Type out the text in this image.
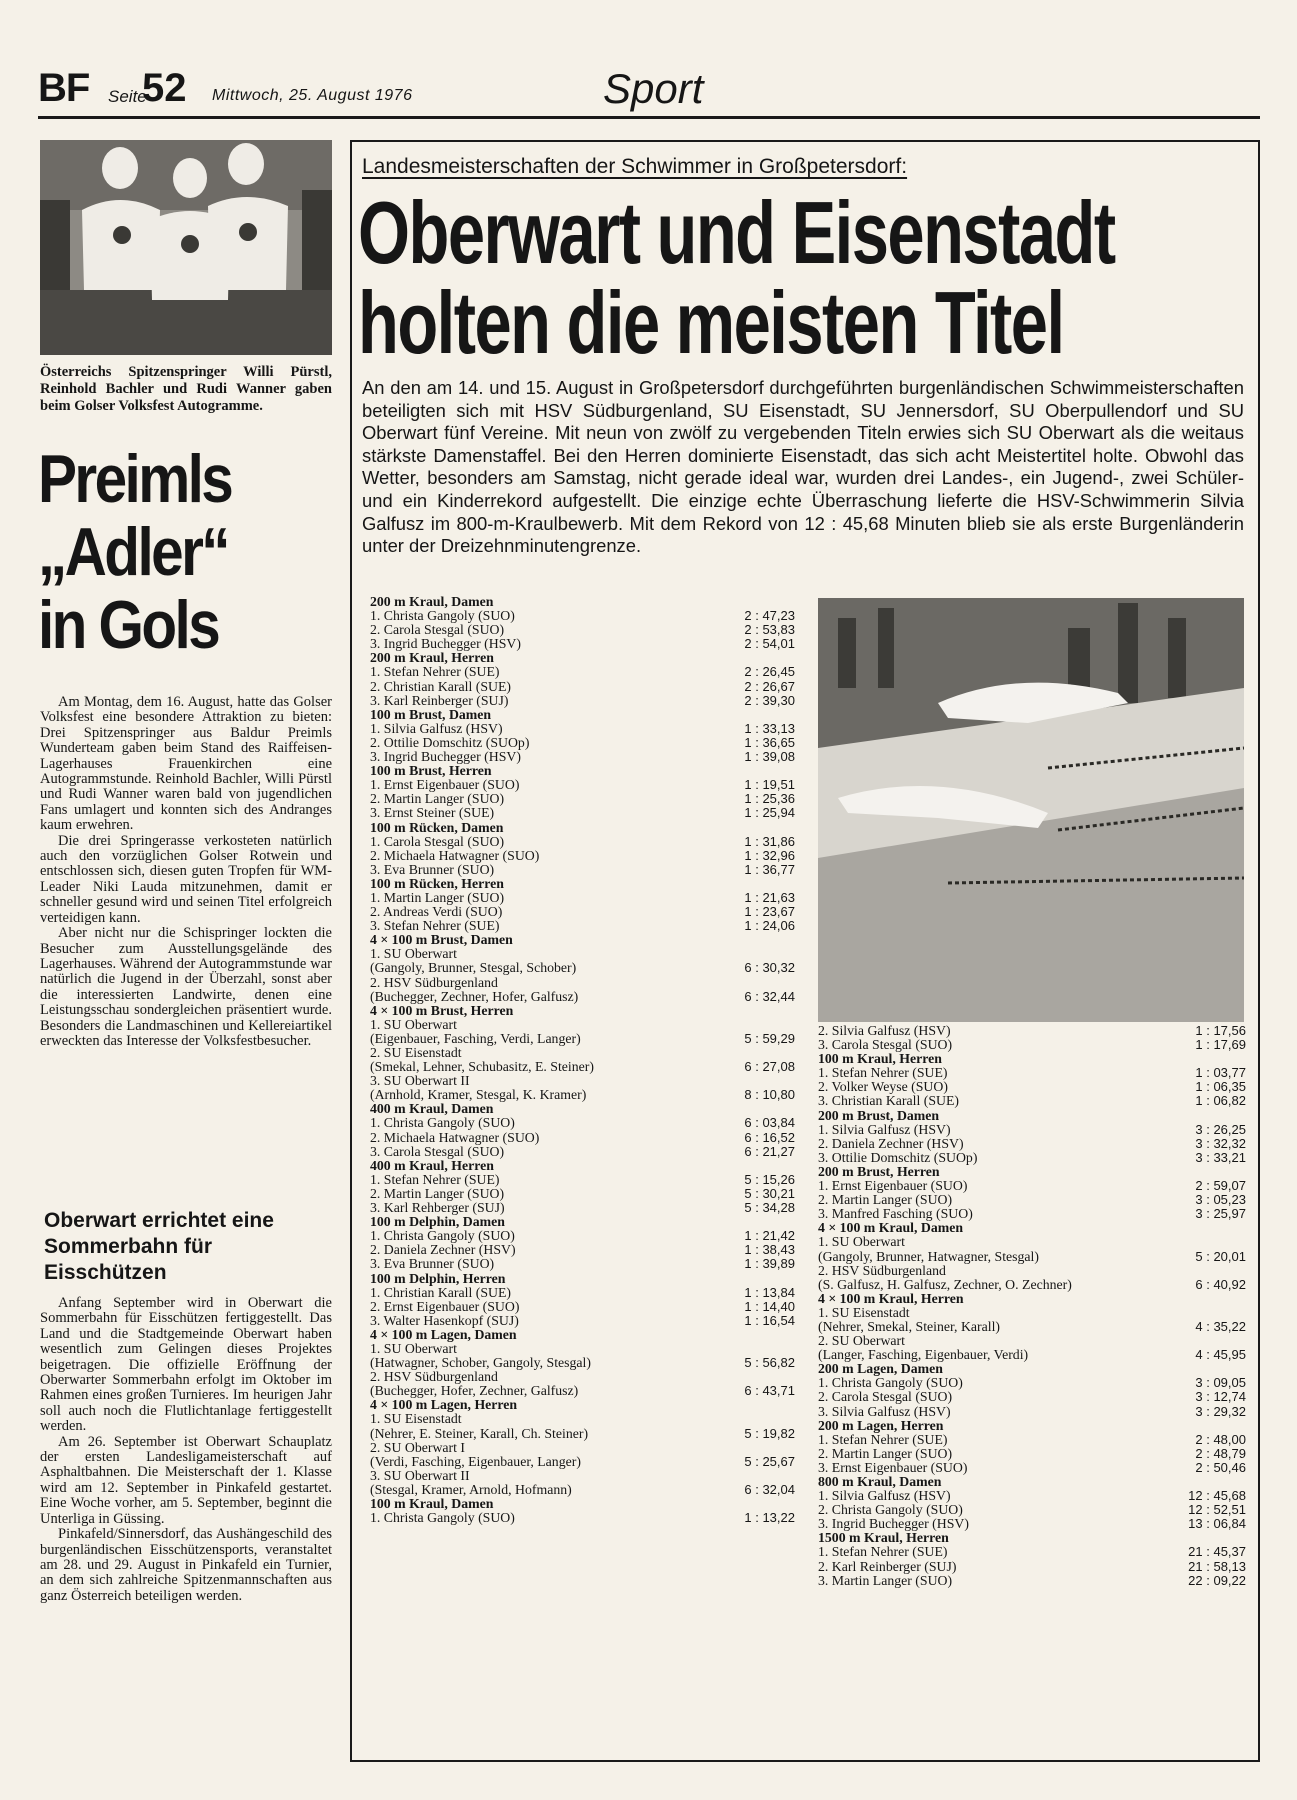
BF Seite
52 Mittwoch, 25. August 1976	Sport
Österreichs Spitzenspringer Willi Pürstl, Reinhold Bachler und Rudi Wanner gaben beim Golser Volksfest Autogramme.
Preimls
„Adler“
in Gols

Am Montag, dem 16. August, hatte das Golser Volksfest eine besondere Attraktion zu bieten: Drei Spitzenspringer aus Baldur Preimls Wunderteam gaben beim Stand des Raiffeisen-Lagerhauses Frauenkirchen eine Autogrammstunde. Reinhold Bachler, Willi Pürstl und Rudi Wanner waren bald von jugendlichen Fans umlagert und konnten sich des Andranges kaum erwehren.

Die drei Springerasse verkosteten natürlich auch den vorzüglichen Golser Rotwein und entschlossen sich, diesen guten Tropfen für WM-Leader Niki Lauda mitzunehmen, damit er schneller gesund wird und seinen Titel erfolgreich verteidigen kann.

Aber nicht nur die Schispringer lockten die Besucher zum Ausstellungsgelände des Lagerhauses. Während der Autogrammstunde war natürlich die Jugend in der Überzahl, sonst aber die interessierten Landwirte, denen eine Leistungsschau sondergleichen präsentiert wurde. Besonders die Landmaschinen und Kellereiartikel erweckten das Interesse der Volksfestbesucher.

Oberwart errichtet eine Sommerbahn für Eisschützen

Anfang September wird in Oberwart die Sommerbahn für Eisschützen fertiggestellt. Das Land und die Stadtgemeinde Oberwart haben wesentlich zum Gelingen dieses Projektes beigetragen. Die offizielle Eröffnung der Oberwarter Sommerbahn erfolgt im Oktober im Rahmen eines großen Turnieres. Im heurigen Jahr soll auch noch die Flutlichtanlage fertiggestellt werden.

Am 26. September ist Oberwart Schauplatz der ersten Landesligameisterschaft auf Asphaltbahnen. Die Meisterschaft der 1. Klasse wird am 12. September in Pinkafeld gestartet. Eine Woche vorher, am 5. September, beginnt die Unterliga in Güssing.

Pinkafeld/Sinnersdorf, das Aushängeschild des burgenländischen Eisschützensports, veranstaltet am 28. und 29. August in Pinkafeld ein Turnier, an dem sich zahlreiche Spitzenmannschaften aus ganz Österreich beteiligen werden.

Landesmeisterschaften der Schwimmer in Großpetersdorf:
Oberwart und Eisenstadt
holten die meisten Titel
An den am 14. und 15. August in Großpetersdorf durchgeführten burgenländischen Schwimmeisterschaften beteiligten sich mit HSV Südburgenland, SU Eisenstadt, SU Jennersdorf, SU Oberpullendorf und SU Oberwart fünf Vereine. Mit neun von zwölf zu vergebenden Titeln erwies sich SU Oberwart als die weitaus stärkste Damenstaffel. Bei den Herren dominierte Eisenstadt, das sich acht Meistertitel holte. Obwohl das Wetter, besonders am Samstag, nicht gerade ideal war, wurden drei Landes-, ein Jugend-, zwei Schüler- und ein Kinderrekord aufgestellt. Die einzige echte Überraschung lieferte die HSV-Schwimmerin Silvia Galfusz im 800-m-Kraulbewerb. Mit dem Rekord von 12 : 45,68 Minuten blieb sie als erste Burgenländerin unter der Dreizehnminutengrenze.
200 m Kraul, Damen
1. Christa Gangoly (SUO)	2 : 47,23
2. Carola Stesgal (SUO)	2 : 53,83
3. Ingrid Buchegger (HSV)	2 : 54,01
200 m Kraul, Herren
1. Stefan Nehrer (SUE)	2 : 26,45
2. Christian Karall (SUE)	2 : 26,67
3. Karl Reinberger (SUJ)	2 : 39,30
100 m Brust, Damen
1. Silvia Galfusz (HSV)	1 : 33,13
2. Ottilie Domschitz (SUOp)	1 : 36,65
3. Ingrid Buchegger (HSV)	1 : 39,08
100 m Brust, Herren
1. Ernst Eigenbauer (SUO)	1 : 19,51
2. Martin Langer (SUO)	1 : 25,36
3. Ernst Steiner (SUE)	1 : 25,94
100 m Rücken, Damen
1. Carola Stesgal (SUO)	1 : 31,86
2. Michaela Hatwagner (SUO)	1 : 32,96
3. Eva Brunner (SUO)	1 : 36,77
100 m Rücken, Herren
1. Martin Langer (SUO)	1 : 21,63
2. Andreas Verdi (SUO)	1 : 23,67
3. Stefan Nehrer (SUE)	1 : 24,06
4 × 100 m Brust, Damen
1. SU Oberwart
(Gangoly, Brunner, Stesgal, Schober)	6 : 30,32
2. HSV Südburgenland
(Buchegger, Zechner, Hofer, Galfusz)	6 : 32,44
4 × 100 m Brust, Herren
1. SU Oberwart
(Eigenbauer, Fasching, Verdi, Langer)	5 : 59,29
2. SU Eisenstadt
(Smekal, Lehner, Schubasitz, E. Steiner)	6 : 27,08
3. SU Oberwart II
(Arnhold, Kramer, Stesgal, K. Kramer)	8 : 10,80
400 m Kraul, Damen
1. Christa Gangoly (SUO)	6 : 03,84
2. Michaela Hatwagner (SUO)	6 : 16,52
3. Carola Stesgal (SUO)	6 : 21,27
400 m Kraul, Herren
1. Stefan Nehrer (SUE)	5 : 15,26
2. Martin Langer (SUO)	5 : 30,21
3. Karl Rehberger (SUJ)	5 : 34,28
100 m Delphin, Damen
1. Christa Gangoly (SUO)	1 : 21,42
2. Daniela Zechner (HSV)	1 : 38,43
3. Eva Brunner (SUO)	1 : 39,89
100 m Delphin, Herren
1. Christian Karall (SUE)	1 : 13,84
2. Ernst Eigenbauer (SUO)	1 : 14,40
3. Walter Hasenkopf (SUJ)	1 : 16,54
4 × 100 m Lagen, Damen
1. SU Oberwart
(Hatwagner, Schober, Gangoly, Stesgal)	5 : 56,82
2. HSV Südburgenland
(Buchegger, Hofer, Zechner, Galfusz)	6 : 43,71
4 × 100 m Lagen, Herren
1. SU Eisenstadt
(Nehrer, E. Steiner, Karall, Ch. Steiner)	5 : 19,82
2. SU Oberwart I
(Verdi, Fasching, Eigenbauer, Langer)	5 : 25,67
3. SU Oberwart II
(Stesgal, Kramer, Arnold, Hofmann)	6 : 32,04
100 m Kraul, Damen
1. Christa Gangoly (SUO)	1 : 13,22
2. Silvia Galfusz (HSV)	1 : 17,56
3. Carola Stesgal (SUO)	1 : 17,69
100 m Kraul, Herren
1. Stefan Nehrer (SUE)	1 : 03,77
2. Volker Weyse (SUO)	1 : 06,35
3. Christian Karall (SUE)	1 : 06,82
200 m Brust, Damen
1. Silvia Galfusz (HSV)	3 : 26,25
2. Daniela Zechner (HSV)	3 : 32,32
3. Ottilie Domschitz (SUOp)	3 : 33,21
200 m Brust, Herren
1. Ernst Eigenbauer (SUO)	2 : 59,07
2. Martin Langer (SUO)	3 : 05,23
3. Manfred Fasching (SUO)	3 : 25,97
4 × 100 m Kraul, Damen
1. SU Oberwart
(Gangoly, Brunner, Hatwagner, Stesgal)	5 : 20,01
2. HSV Südburgenland
(S. Galfusz, H. Galfusz, Zechner, O. Zechner)	6 : 40,92
4 × 100 m Kraul, Herren
1. SU Eisenstadt
(Nehrer, Smekal, Steiner, Karall)	4 : 35,22
2. SU Oberwart
(Langer, Fasching, Eigenbauer, Verdi)	4 : 45,95
200 m Lagen, Damen
1. Christa Gangoly (SUO)	3 : 09,05
2. Carola Stesgal (SUO)	3 : 12,74
3. Silvia Galfusz (HSV)	3 : 29,32
200 m Lagen, Herren
1. Stefan Nehrer (SUE)	2 : 48,00
2. Martin Langer (SUO)	2 : 48,79
3. Ernst Eigenbauer (SUO)	2 : 50,46
800 m Kraul, Damen
1. Silvia Galfusz (HSV)	12 : 45,68
2. Christa Gangoly (SUO)	12 : 52,51
3. Ingrid Buchegger (HSV)	13 : 06,84
1500 m Kraul, Herren
1. Stefan Nehrer (SUE)	21 : 45,37
2. Karl Reinberger (SUJ)	21 : 58,13
3. Martin Langer (SUO)	22 : 09,22
